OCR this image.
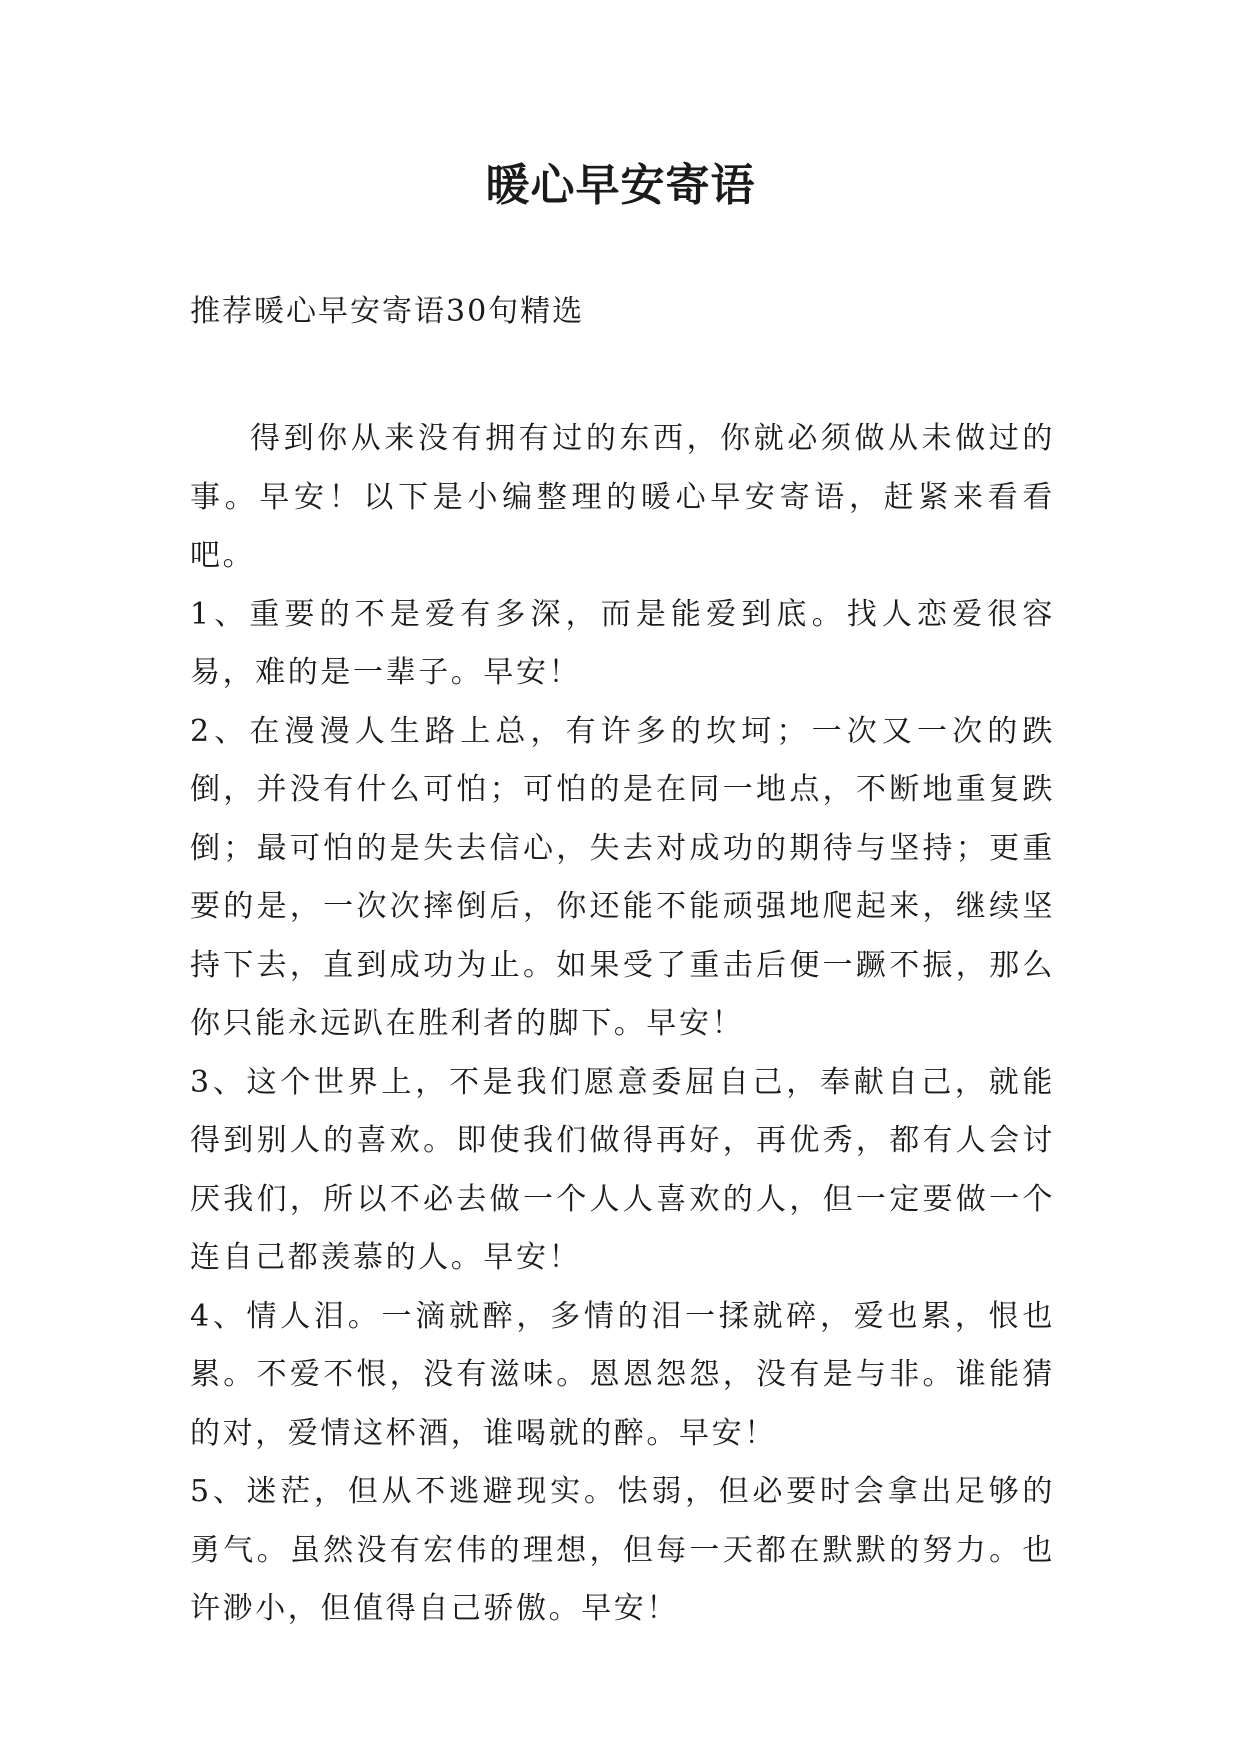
暖心早安寄语
推荐暖心早安寄语30句精选

得到你从来没有拥有过的东西，你就必须做从未做过的事。早安！以下是小编整理的暖心早安寄语，赶紧来看看吧。

1、重要的不是爱有多深，而是能爱到底。找人恋爱很容易，难的是一辈子。早安！

2、在漫漫人生路上总，有许多的坎坷；一次又一次的跌倒，并没有什么可怕；可怕的是在同一地点，不断地重复跌倒；最可怕的是失去信心，失去对成功的期待与坚持；更重要的是，一次次摔倒后，你还能不能顽强地爬起来，继续坚持下去，直到成功为止。如果受了重击后便一蹶不振，那么你只能永远趴在胜利者的脚下。早安！

3、这个世界上，不是我们愿意委屈自己，奉献自己，就能得到别人的喜欢。即使我们做得再好，再优秀，都有人会讨厌我们，所以不必去做一个人人喜欢的人，但一定要做一个连自己都羡慕的人。早安！

4、情人泪。一滴就醉，多情的泪一揉就碎，爱也累，恨也累。不爱不恨，没有滋味。恩恩怨怨，没有是与非。谁能猜的对，爱情这杯酒，谁喝就的醉。早安！

5、迷茫，但从不逃避现实。怯弱，但必要时会拿出足够的勇气。虽然没有宏伟的理想，但每一天都在默默的努力。也许渺小，但值得自己骄傲。早安！
